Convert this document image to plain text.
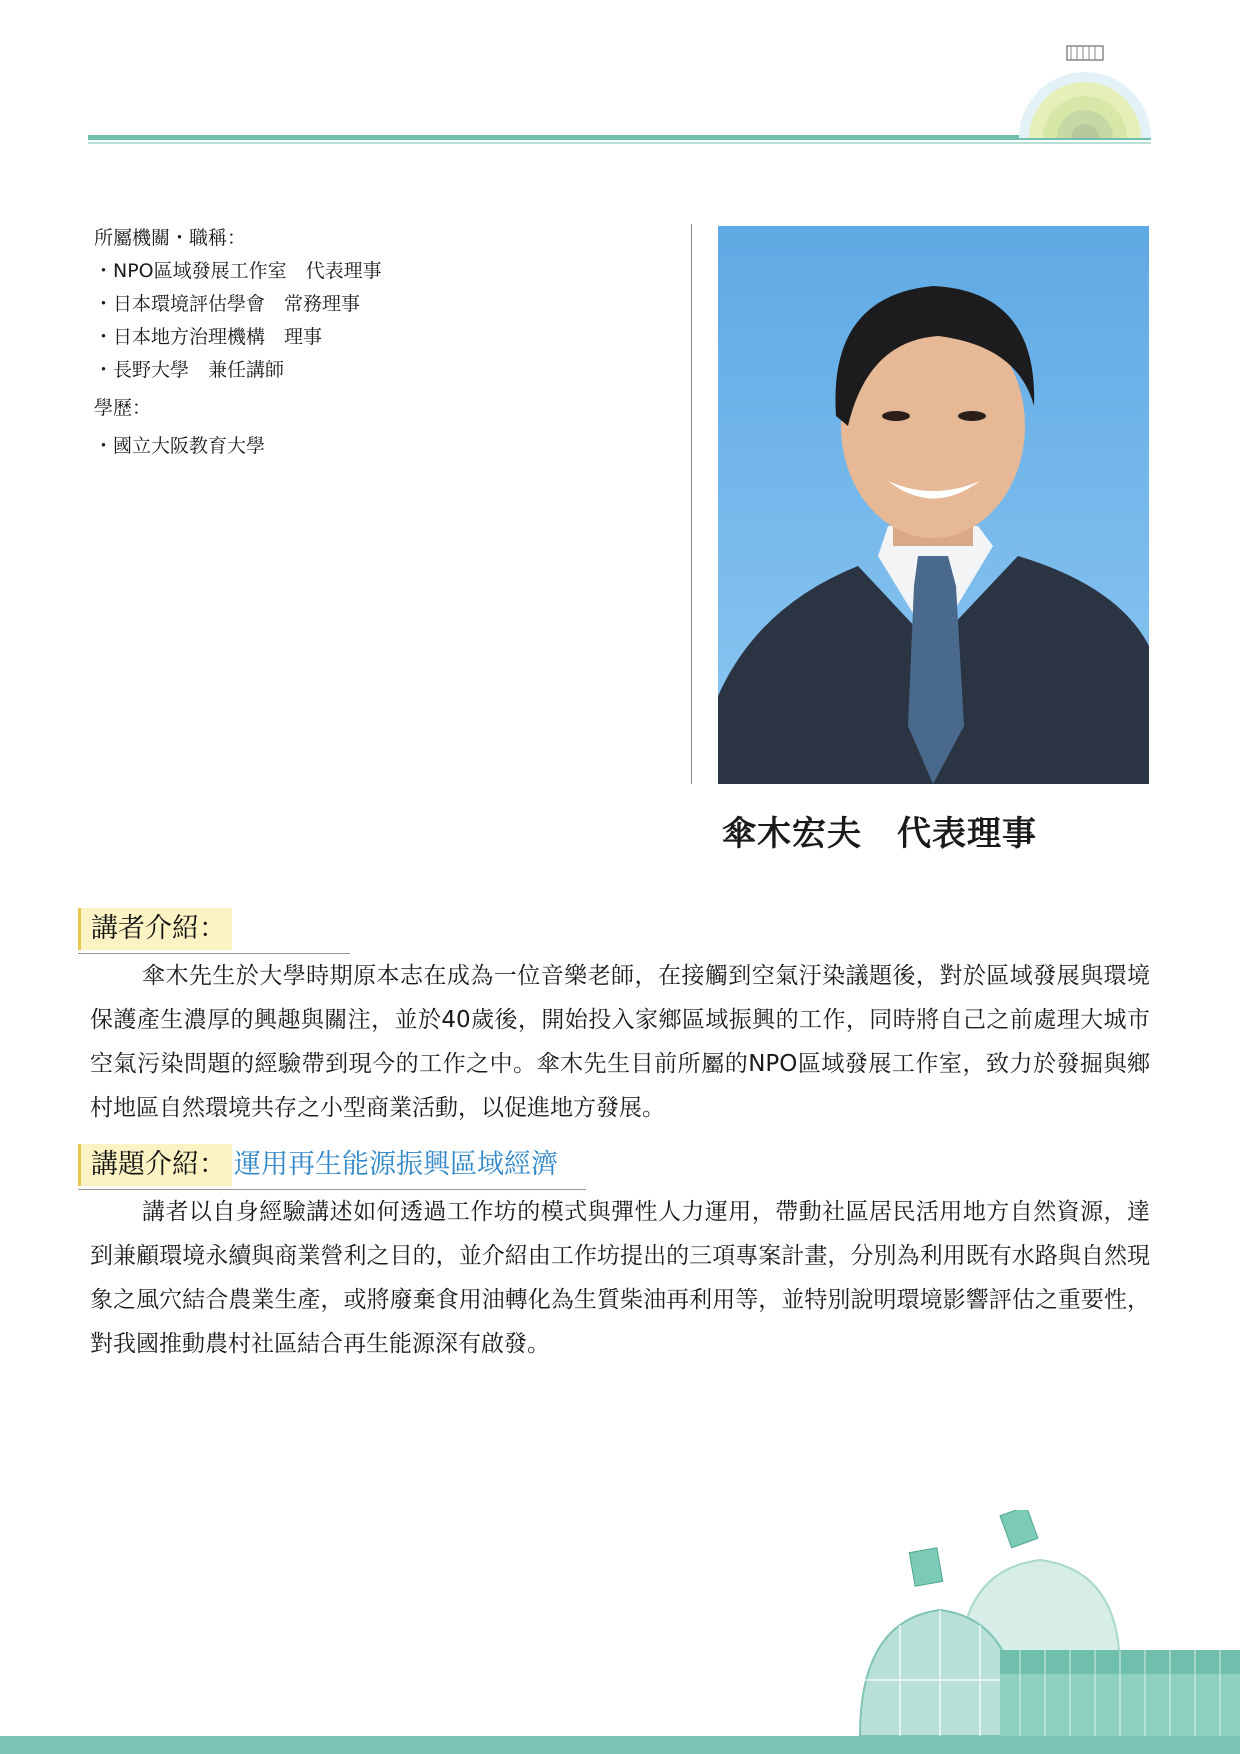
所屬機關・職稱：
・NPO區域發展工作室　代表理事
・日本環境評估學會　常務理事
・日本地方治理機構　理事
・長野大學　兼任講師
學歷：
・國立大阪教育大學
傘木宏夫　代表理事
講者介紹：
傘木先生於大學時期原本志在成為一位音樂老師，在接觸到空氣汙染議題後，對於區域發展與環境保護產生濃厚的興趣與關注，並於40歲後，開始投入家鄉區域振興的工作，同時將自己之前處理大城市空氣污染問題的經驗帶到現今的工作之中。傘木先生目前所屬的NPO區域發展工作室，致力於發掘與鄉村地區自然環境共存之小型商業活動，以促進地方發展。
講題介紹： 運用再生能源振興區域經濟
講者以自身經驗講述如何透過工作坊的模式與彈性人力運用，帶動社區居民活用地方自然資源，達到兼顧環境永續與商業營利之目的，並介紹由工作坊提出的三項專案計畫，分別為利用既有水路與自然現象之風穴結合農業生產，或將廢棄食用油轉化為生質柴油再利用等，並特別說明環境影響評估之重要性，對我國推動農村社區結合再生能源深有啟發。
